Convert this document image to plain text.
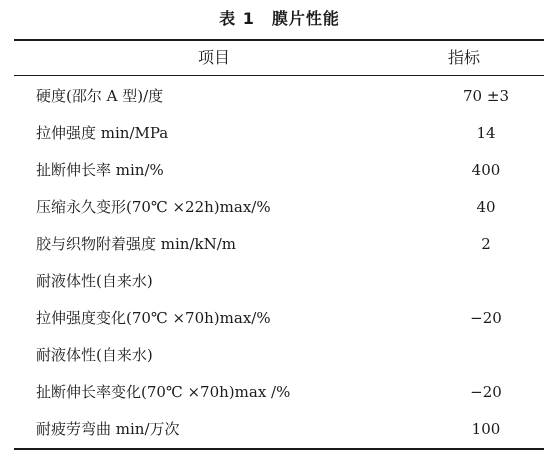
表 1　膜片性能
项目	指标
硬度(邵尔 A 型)/度	70 ±3	
拉伸强度 min/MPa	14	
扯断伸长率 min/%	400	
压缩永久变形(70℃ ×22h)max/%	40	
胶与织物附着强度 min/kN/m	2	
耐液体性(自来水)		
拉伸强度变化(70℃ ×70h)max/%	−20	
耐液体性(自来水)		
扯断伸长率变化(70℃ ×70h)max /%	−20	
耐疲劳弯曲 min/万次	100	
